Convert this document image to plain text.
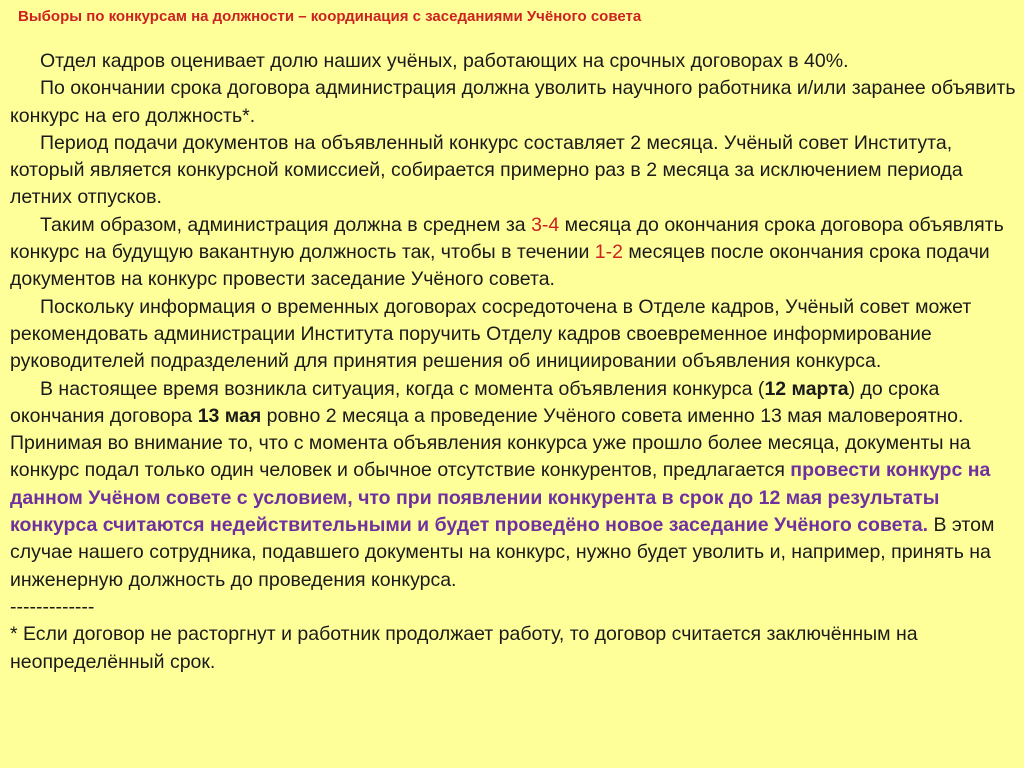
Выборы по конкурсам на должности – координация с заседаниями Учёного совета

Отдел кадров оценивает долю наших учёных, работающих на срочных договорах в 40%.

По окончании срока договора администрация должна уволить научного работника и/или заранее объявить конкурс на его должность*.

Период подачи документов на объявленный конкурс составляет 2 месяца. Учёный совет Института, который является конкурсной комиссией, собирается примерно раз в 2 месяца за исключением периода летних отпусков.

Таким образом, администрация должна в среднем за 3-4 месяца до окончания срока договора объявлять конкурс на будущую вакантную должность так, чтобы в течении 1-2 месяцев после окончания срока подачи документов на конкурс провести заседание Учёного совета.

Поскольку информация о временных договорах сосредоточена в Отделе кадров, Учёный совет может рекомендовать администрации Института поручить Отделу кадров своевременное информирование руководителей подразделений для принятия решения об инициировании объявления конкурса.

В настоящее время возникла ситуация, когда с момента объявления конкурса (12 марта) до срока окончания договора 13 мая ровно 2 месяца а проведение Учёного совета именно 13 мая маловероятно. Принимая во внимание то, что с момента объявления конкурса уже прошло более месяца, документы на конкурс подал только один человек и обычное отсутствие конкурентов, предлагается провести конкурс на данном Учёном совете с условием, что при появлении конкурента в срок до 12 мая результаты конкурса считаются недействительными и будет проведёно новое заседание Учёного совета. В этом случае нашего сотрудника, подавшего документы на конкурс, нужно будет уволить и, например, принять на инженерную должность до проведения конкурса.

-------------

* Если договор не расторгнут и работник продолжает работу, то договор считается заключённым на неопределённый срок.
